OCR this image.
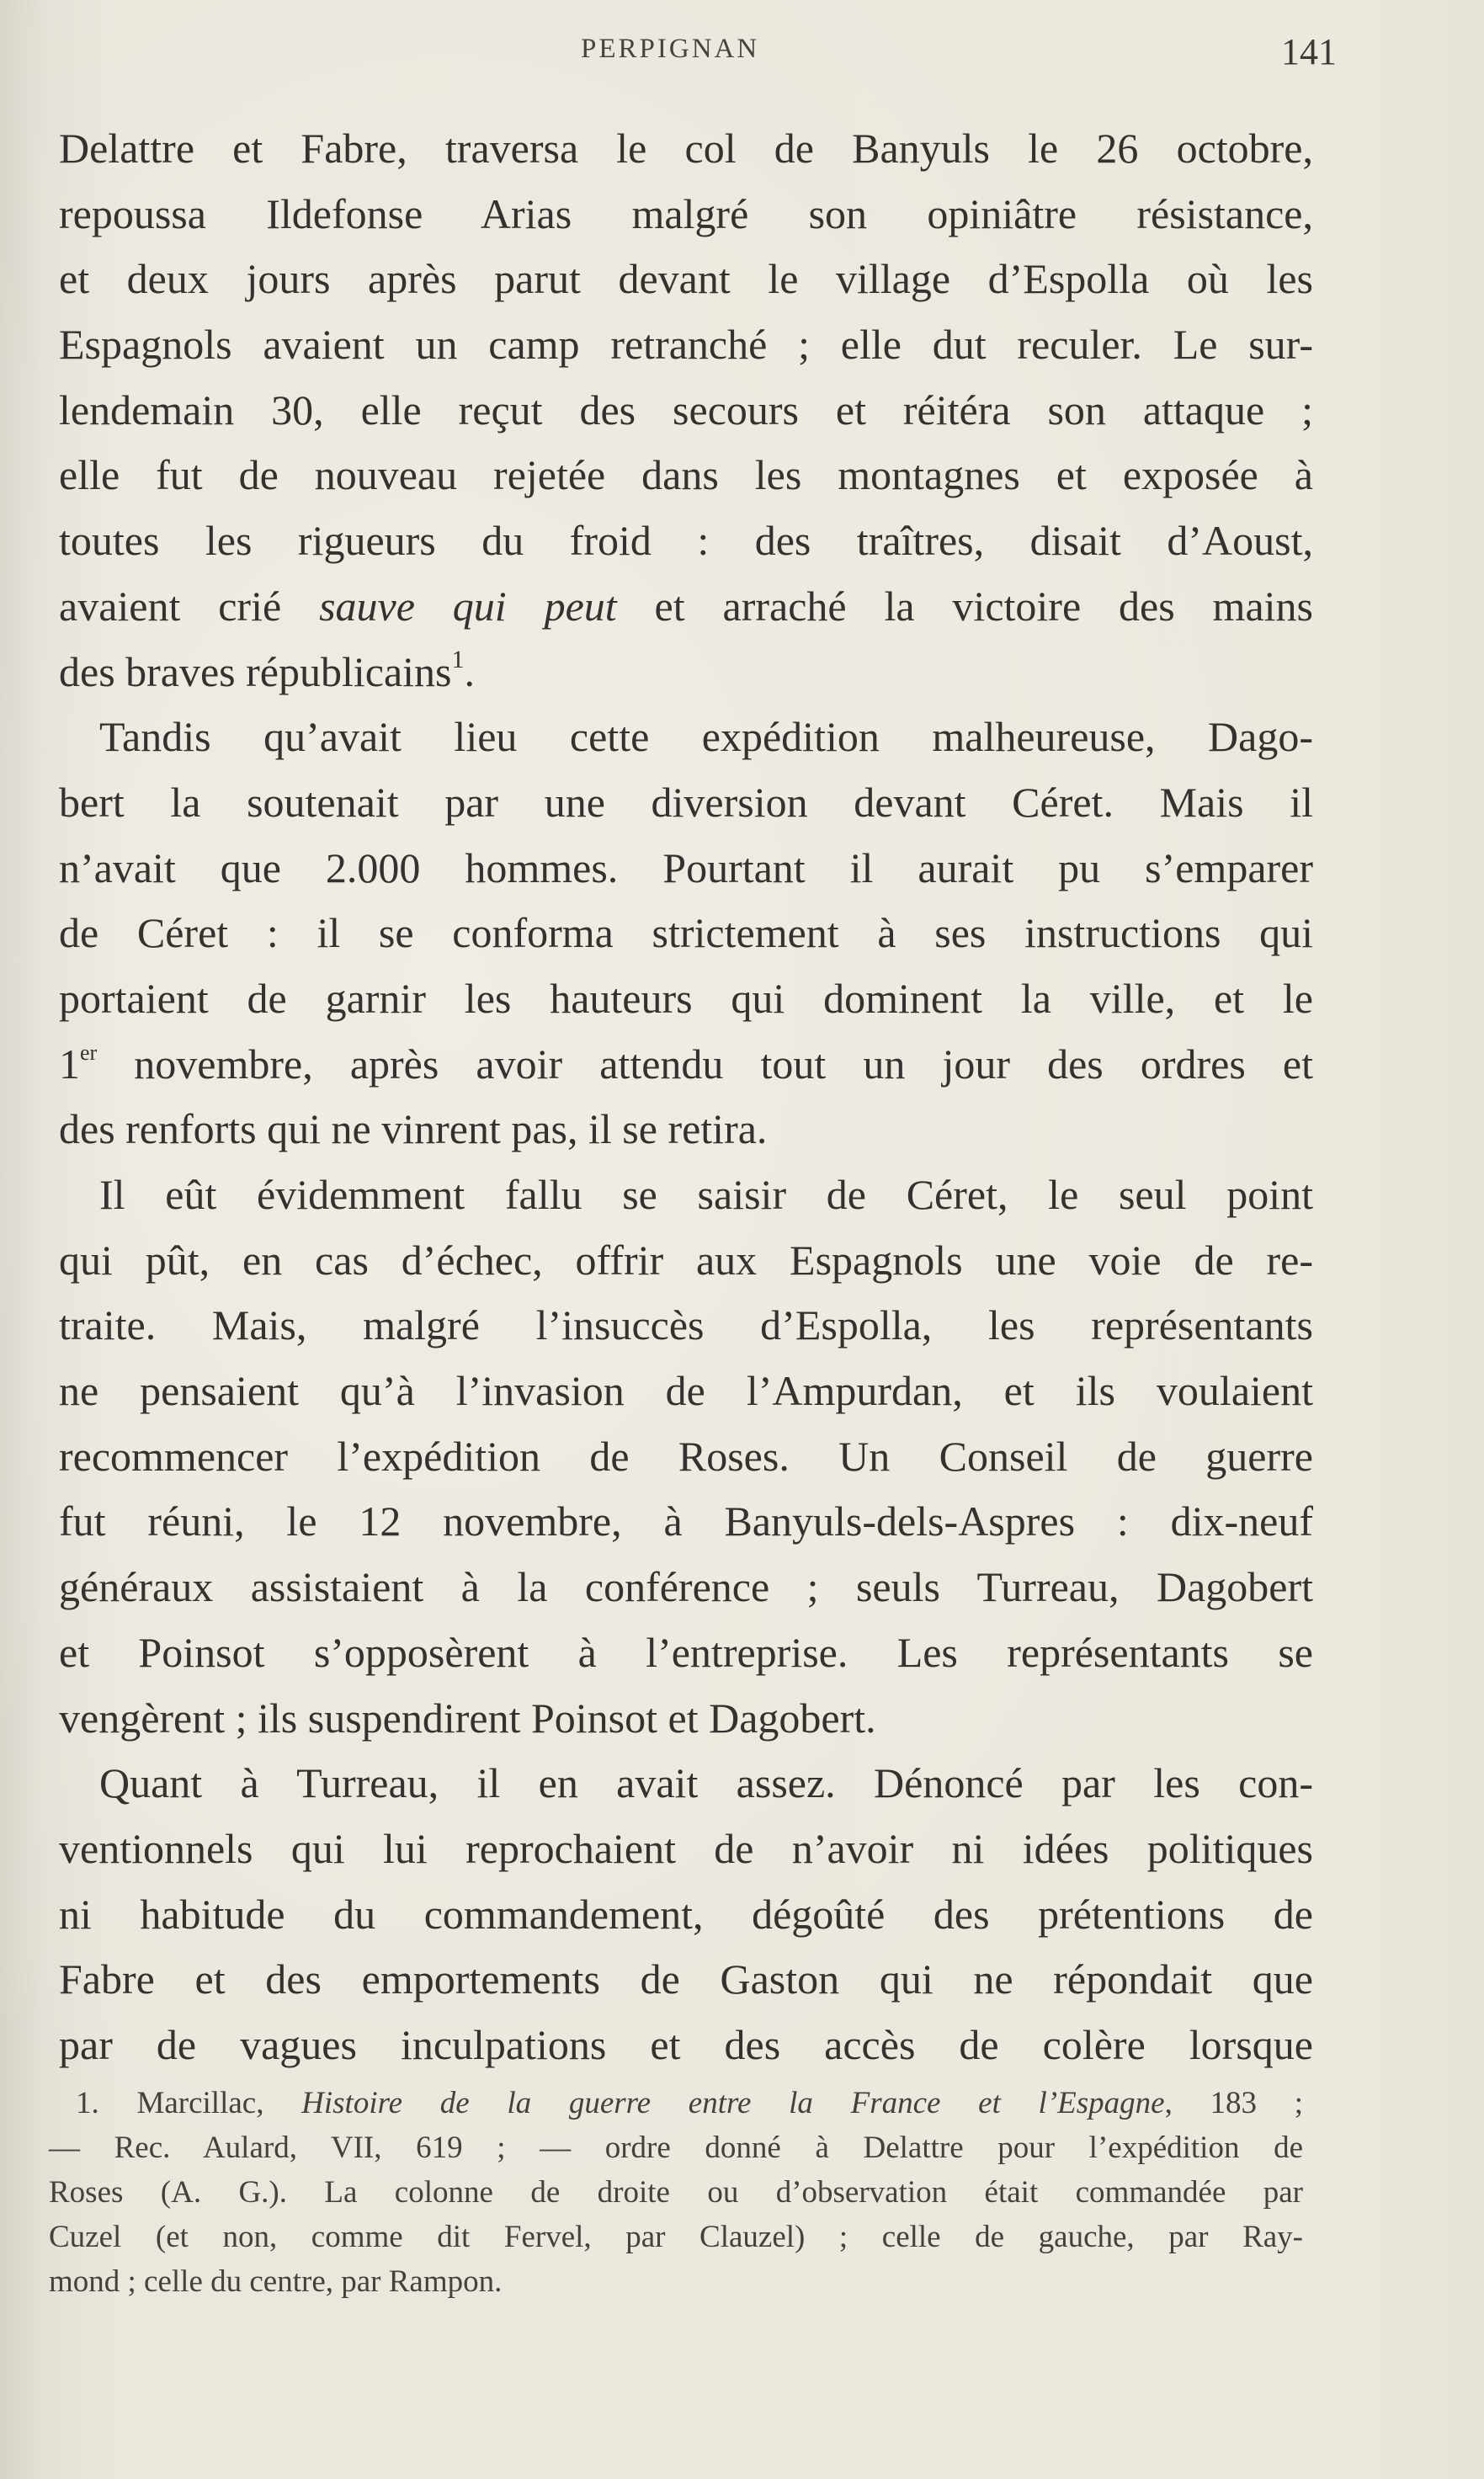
PERPIGNAN	141
Delattre et Fabre, traversa le col de Banyuls le 26 octobre,
repoussa Ildefonse Arias malgré son opiniâtre résistance,
et deux jours après parut devant le village d’Espolla où les
Espagnols avaient un camp retranché ; elle dut reculer. Le sur-
lendemain 30, elle reçut des secours et réitéra son attaque ;
elle fut de nouveau rejetée dans les montagnes et exposée à
toutes les rigueurs du froid : des traîtres, disait d’Aoust,
avaient crié sauve qui peut et arraché la victoire des mains
des braves républicains$^1$.
Tandis qu’avait lieu cette expédition malheureuse, Dago-
bert la soutenait par une diversion devant Céret. Mais il
n’avait que 2.000 hommes. Pourtant il aurait pu s’emparer
de Céret : il se conforma strictement à ses instructions qui
portaient de garnir les hauteurs qui dominent la ville, et le
1er novembre, après avoir attendu tout un jour des ordres et
des renforts qui ne vinrent pas, il se retira.
Il eût évidemment fallu se saisir de Céret, le seul point
qui pût, en cas d’échec, offrir aux Espagnols une voie de re-
traite. Mais, malgré l’insuccès d’Espolla, les représentants
ne pensaient qu’à l’invasion de l’Ampurdan, et ils voulaient
recommencer l’expédition de Roses. Un Conseil de guerre
fut réuni, le 12 novembre, à Banyuls-dels-Aspres : dix-neuf
généraux assistaient à la conférence ; seuls Turreau, Dagobert
et Poinsot s’opposèrent à l’entreprise. Les représentants se
vengèrent ; ils suspendirent Poinsot et Dagobert.
Quant à Turreau, il en avait assez. Dénoncé par les con-
ventionnels qui lui reprochaient de n’avoir ni idées politiques
ni habitude du commandement, dégoûté des prétentions de
Fabre et des emportements de Gaston qui ne répondait que
par de vagues inculpations et des accès de colère lorsque
1. Marcillac, Histoire de la guerre entre la France et l’Espagne, 183 ;
— Rec. Aulard, VII, 619 ; — ordre donné à Delattre pour l’expédition de
Roses (A. G.). La colonne de droite ou d’observation était commandée par
Cuzel (et non, comme dit Fervel, par Clauzel) ; celle de gauche, par Ray-
mond ; celle du centre, par Rampon.
